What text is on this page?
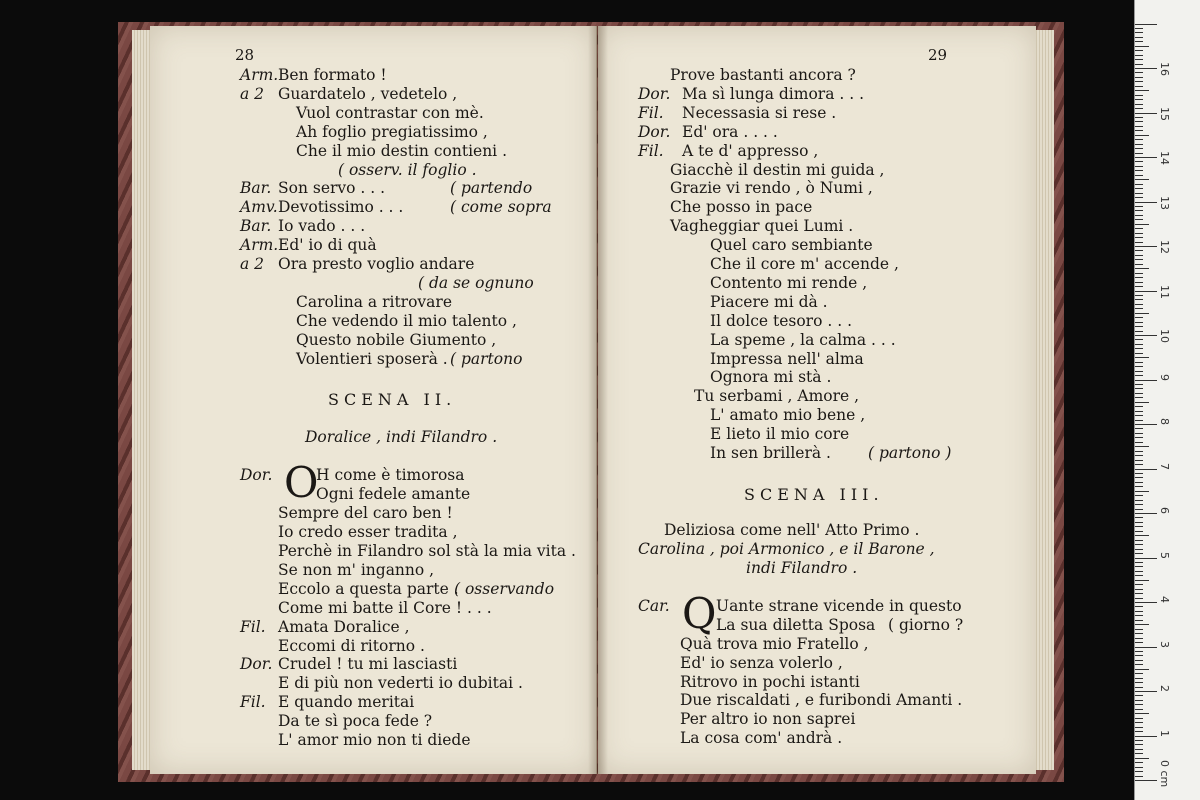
28
Arm. Ben formato !
a 2 Guardatelo , vedetelo ,
Vuol contrastar con mè.
Ah foglio pregiatissimo ,
Che il mio destin contieni .
( osserv. il foglio .
Bar. Son servo . . .	( partendo
Amv. Devotissimo . . .	( come sopra
Bar. Io vado . . .
Arm. Ed' io di quà
a 2 Ora presto voglio andare
( da se ognuno
Carolina a ritrovare
Che vedendo il mio talento ,
Questo nobile Giumento ,
Volentieri sposerà . ( partono
SCENA II.
Doralice , indi Filandro .
Dor. O
H come è timorosa
Ogni fedele amante
Sempre del caro ben !
Io credo esser tradita ,
Perchè in Filandro sol stà la mia vita .
Se non m' inganno ,
Eccolo a questa parte .
( osservando
Come mi batte il Core ! . . .
Fil. Amata Doralice ,
Eccomi di ritorno .
Dor. Crudel ! tu mi lasciasti
E di più non vederti io dubitai .
Fil. E quando meritai
Da te sì poca fede ?
L' amor mio non ti diede
29
Prove bastanti ancora ?
Dor. Ma sì lunga dimora . . .
Fil. Necessasia si rese .
Dor. Ed' ora . . . .
Fil. A te d' appresso ,
Giacchè il destin mi guida ,
Grazie vi rendo , ò Numi ,
Che posso in pace
Vagheggiar quei Lumi .
Quel caro sembiante
Che il core m' accende ,
Contento mi rende ,
Piacere mi dà .
Il dolce tesoro . . .
La speme , la calma . . .
Impressa nell' alma
Ognora mi stà .
Tu serbami , Amore ,
L' amato mio bene ,
E lieto il mio core
In sen brillerà . ( partono )
SCENA III.
Deliziosa come nell' Atto Primo .
Carolina , poi Armonico , e il Barone ,
indi Filandro .
Car. Q Uante strane vicende in questo
La sua diletta Sposa ( giorno ?
Quà trova mio Fratello ,
Ed' io senza volerlo ,
Ritrovo in pochi istanti
Due riscaldati , e furibondi Amanti .
Per altro io non saprei
La cosa com' andrà .
0 cm
1
2
3
4
5
6
7
8
9
10
11
12
13
14
15
16
